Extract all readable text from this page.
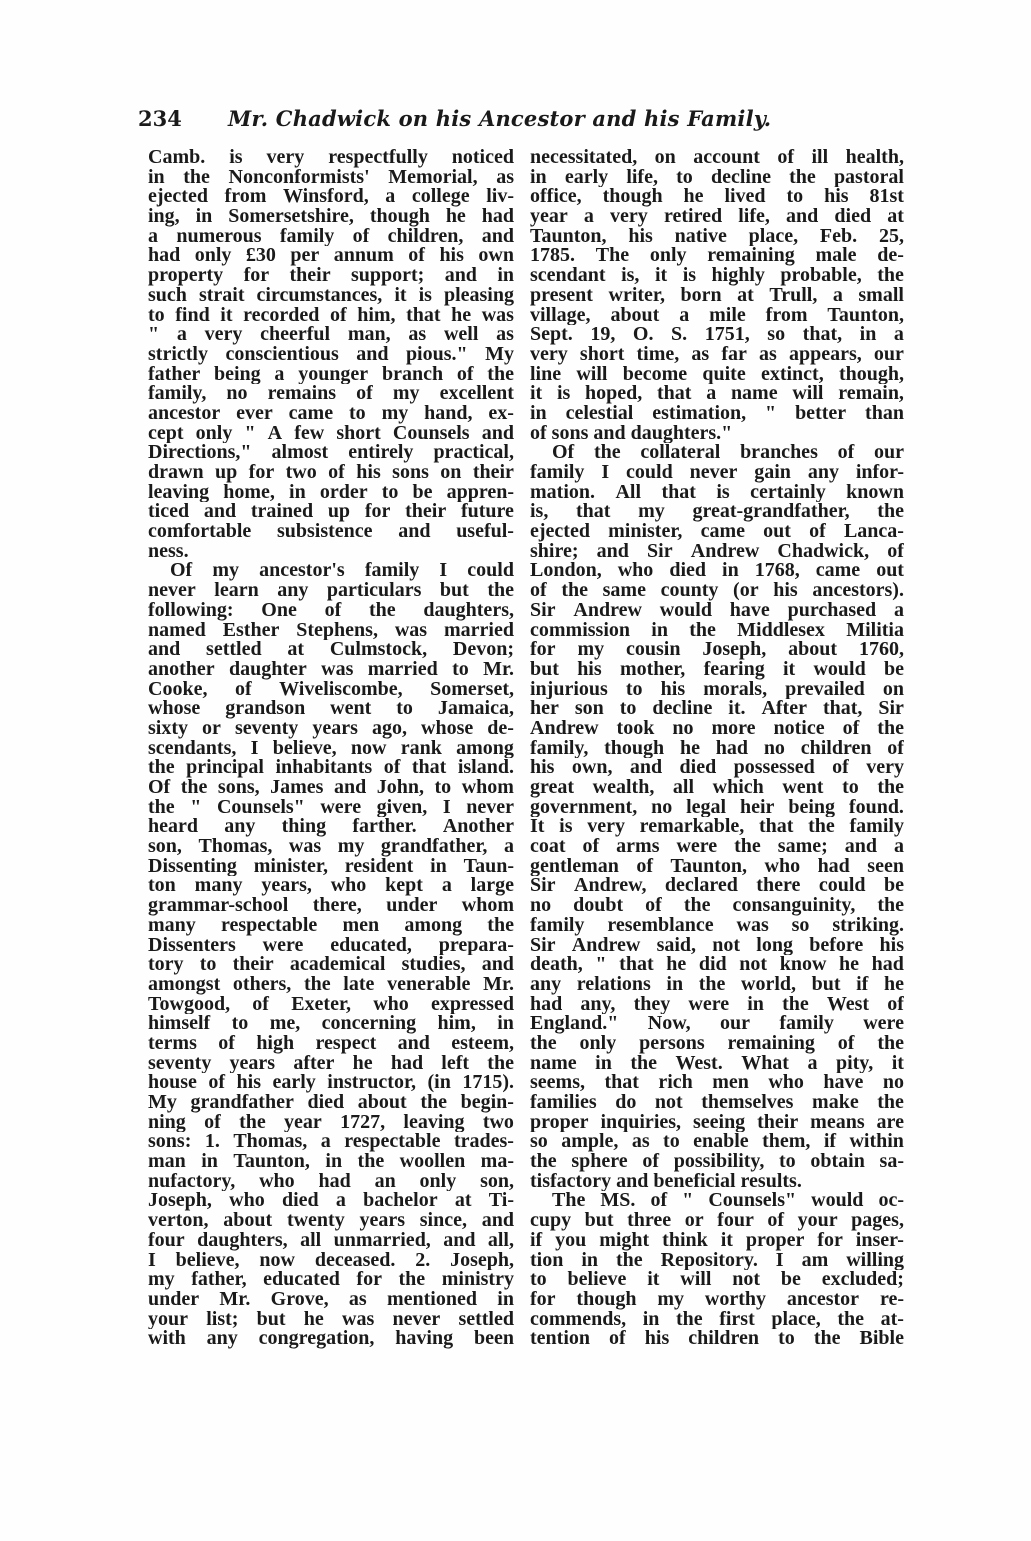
234	Mr. Chadwick on his Ancestor and his Family.
Camb. is very respectfully noticed
in the Nonconformists' Memorial, as
ejected from Winsford, a college liv-
ing, in Somersetshire, though he had
a numerous family of children, and
had only £30 per annum of his own
property for their support; and in
such strait circumstances, it is pleasing
to find it recorded of him, that he was
" a very cheerful man, as well as
strictly conscientious and pious." My
father being a younger branch of the
family, no remains of my excellent
ancestor ever came to my hand, ex-
cept only " A few short Counsels and
Directions," almost entirely practical,
drawn up for two of his sons on their
leaving home, in order to be appren-
ticed and trained up for their future
comfortable subsistence and useful-
ness.
Of my ancestor's family I could
never learn any particulars but the
following: One of the daughters,
named Esther Stephens, was married
and settled at Culmstock, Devon;
another daughter was married to Mr.
Cooke, of Wiveliscombe, Somerset,
whose grandson went to Jamaica,
sixty or seventy years ago, whose de-
scendants, I believe, now rank among
the principal inhabitants of that island.
Of the sons, James and John, to whom
the " Counsels" were given, I never
heard any thing farther. Another
son, Thomas, was my grandfather, a
Dissenting minister, resident in Taun-
ton many years, who kept a large
grammar-school there, under whom
many respectable men among the
Dissenters were educated, prepara-
tory to their academical studies, and
amongst others, the late venerable Mr.
Towgood, of Exeter, who expressed
himself to me, concerning him, in
terms of high respect and esteem,
seventy years after he had left the
house of his early instructor, (in 1715).
My grandfather died about the begin-
ning of the year 1727, leaving two
sons: 1. Thomas, a respectable trades-
man in Taunton, in the woollen ma-
nufactory, who had an only son,
Joseph, who died a bachelor at Ti-
verton, about twenty years since, and
four daughters, all unmarried, and all,
I believe, now deceased. 2. Joseph,
my father, educated for the ministry
under Mr. Grove, as mentioned in
your list; but he was never settled
with any congregation, having been
necessitated, on account of ill health,
in early life, to decline the pastoral
office, though he lived to his 81st
year a very retired life, and died at
Taunton, his native place, Feb. 25,
1785. The only remaining male de-
scendant is, it is highly probable, the
present writer, born at Trull, a small
village, about a mile from Taunton,
Sept. 19, O. S. 1751, so that, in a
very short time, as far as appears, our
line will become quite extinct, though,
it is hoped, that a name will remain,
in celestial estimation, " better than
of sons and daughters."
Of the collateral branches of our
family I could never gain any infor-
mation. All that is certainly known
is, that my great-grandfather, the
ejected minister, came out of Lanca-
shire; and Sir Andrew Chadwick, of
London, who died in 1768, came out
of the same county (or his ancestors).
Sir Andrew would have purchased a
commission in the Middlesex Militia
for my cousin Joseph, about 1760,
but his mother, fearing it would be
injurious to his morals, prevailed on
her son to decline it. After that, Sir
Andrew took no more notice of the
family, though he had no children of
his own, and died possessed of very
great wealth, all which went to the
government, no legal heir being found.
It is very remarkable, that the family
coat of arms were the same; and a
gentleman of Taunton, who had seen
Sir Andrew, declared there could be
no doubt of the consanguinity, the
family resemblance was so striking.
Sir Andrew said, not long before his
death, " that he did not know he had
any relations in the world, but if he
had any, they were in the West of
England." Now, our family were
the only persons remaining of the
name in the West. What a pity, it
seems, that rich men who have no
families do not themselves make the
proper inquiries, seeing their means are
so ample, as to enable them, if within
the sphere of possibility, to obtain sa-
tisfactory and beneficial results.
The MS. of " Counsels" would oc-
cupy but three or four of your pages,
if you might think it proper for inser-
tion in the Repository. I am willing
to believe it will not be excluded;
for though my worthy ancestor re-
commends, in the first place, the at-
tention of his children to the Bible
